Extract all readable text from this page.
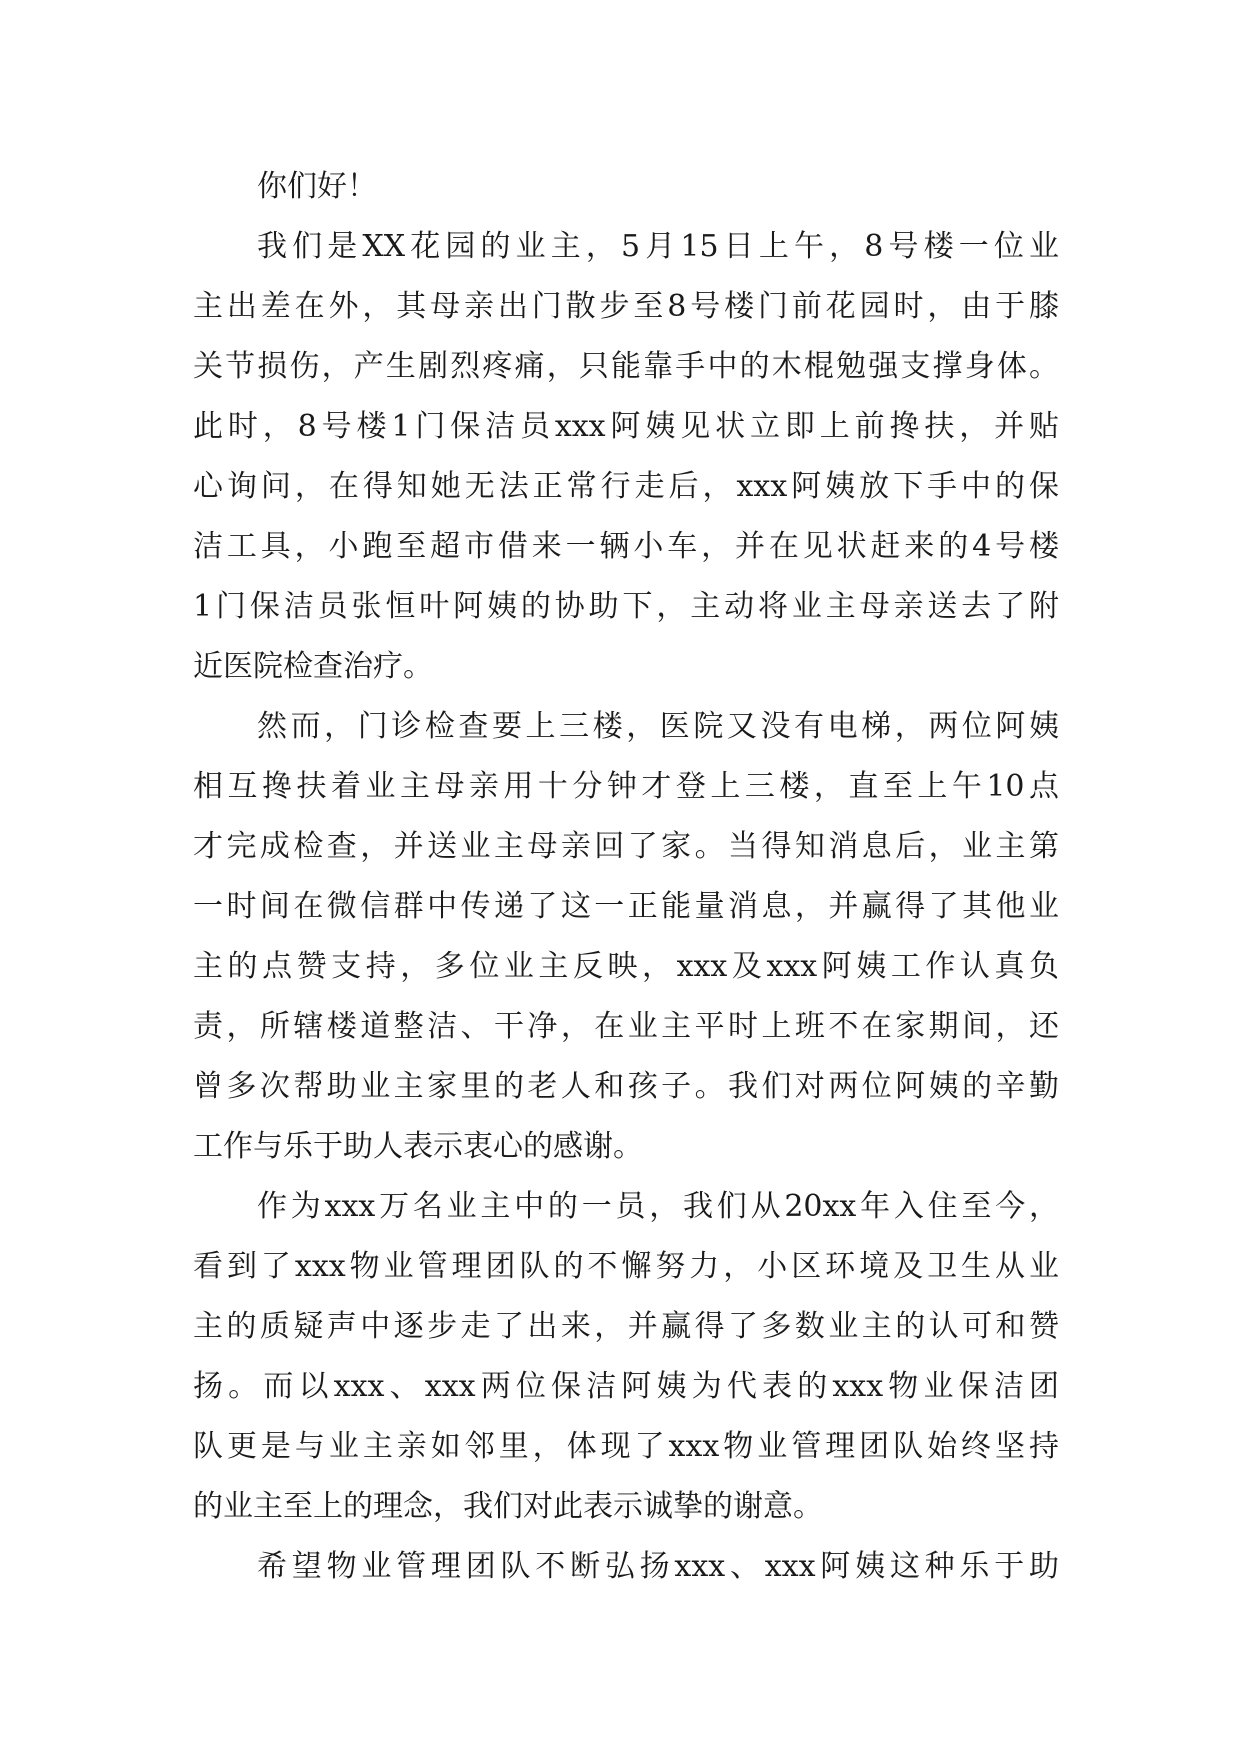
你们好！
我们是XX花园的业主，5月15日上午，8号楼一位业
主出差在外，其母亲出门散步至8号楼门前花园时，由于膝
关节损伤，产生剧烈疼痛，只能靠手中的木棍勉强支撑身体。
此时，8号楼1门保洁员xxx阿姨见状立即上前搀扶，并贴
心询问，在得知她无法正常行走后，xxx阿姨放下手中的保
洁工具，小跑至超市借来一辆小车，并在见状赶来的4号楼
1门保洁员张恒叶阿姨的协助下，主动将业主母亲送去了附
近医院检查治疗。
然而，门诊检查要上三楼，医院又没有电梯，两位阿姨
相互搀扶着业主母亲用十分钟才登上三楼，直至上午10点
才完成检查，并送业主母亲回了家。当得知消息后，业主第
一时间在微信群中传递了这一正能量消息，并赢得了其他业
主的点赞支持，多位业主反映，xxx及xxx阿姨工作认真负
责，所辖楼道整洁、干净，在业主平时上班不在家期间，还
曾多次帮助业主家里的老人和孩子。我们对两位阿姨的辛勤
工作与乐于助人表示衷心的感谢。
作为xxx万名业主中的一员，我们从20xx年入住至今，
看到了xxx物业管理团队的不懈努力，小区环境及卫生从业
主的质疑声中逐步走了出来，并赢得了多数业主的认可和赞
扬。而以xxx、xxx两位保洁阿姨为代表的xxx物业保洁团
队更是与业主亲如邻里，体现了xxx物业管理团队始终坚持
的业主至上的理念，我们对此表示诚挚的谢意。
希望物业管理团队不断弘扬xxx、xxx阿姨这种乐于助
